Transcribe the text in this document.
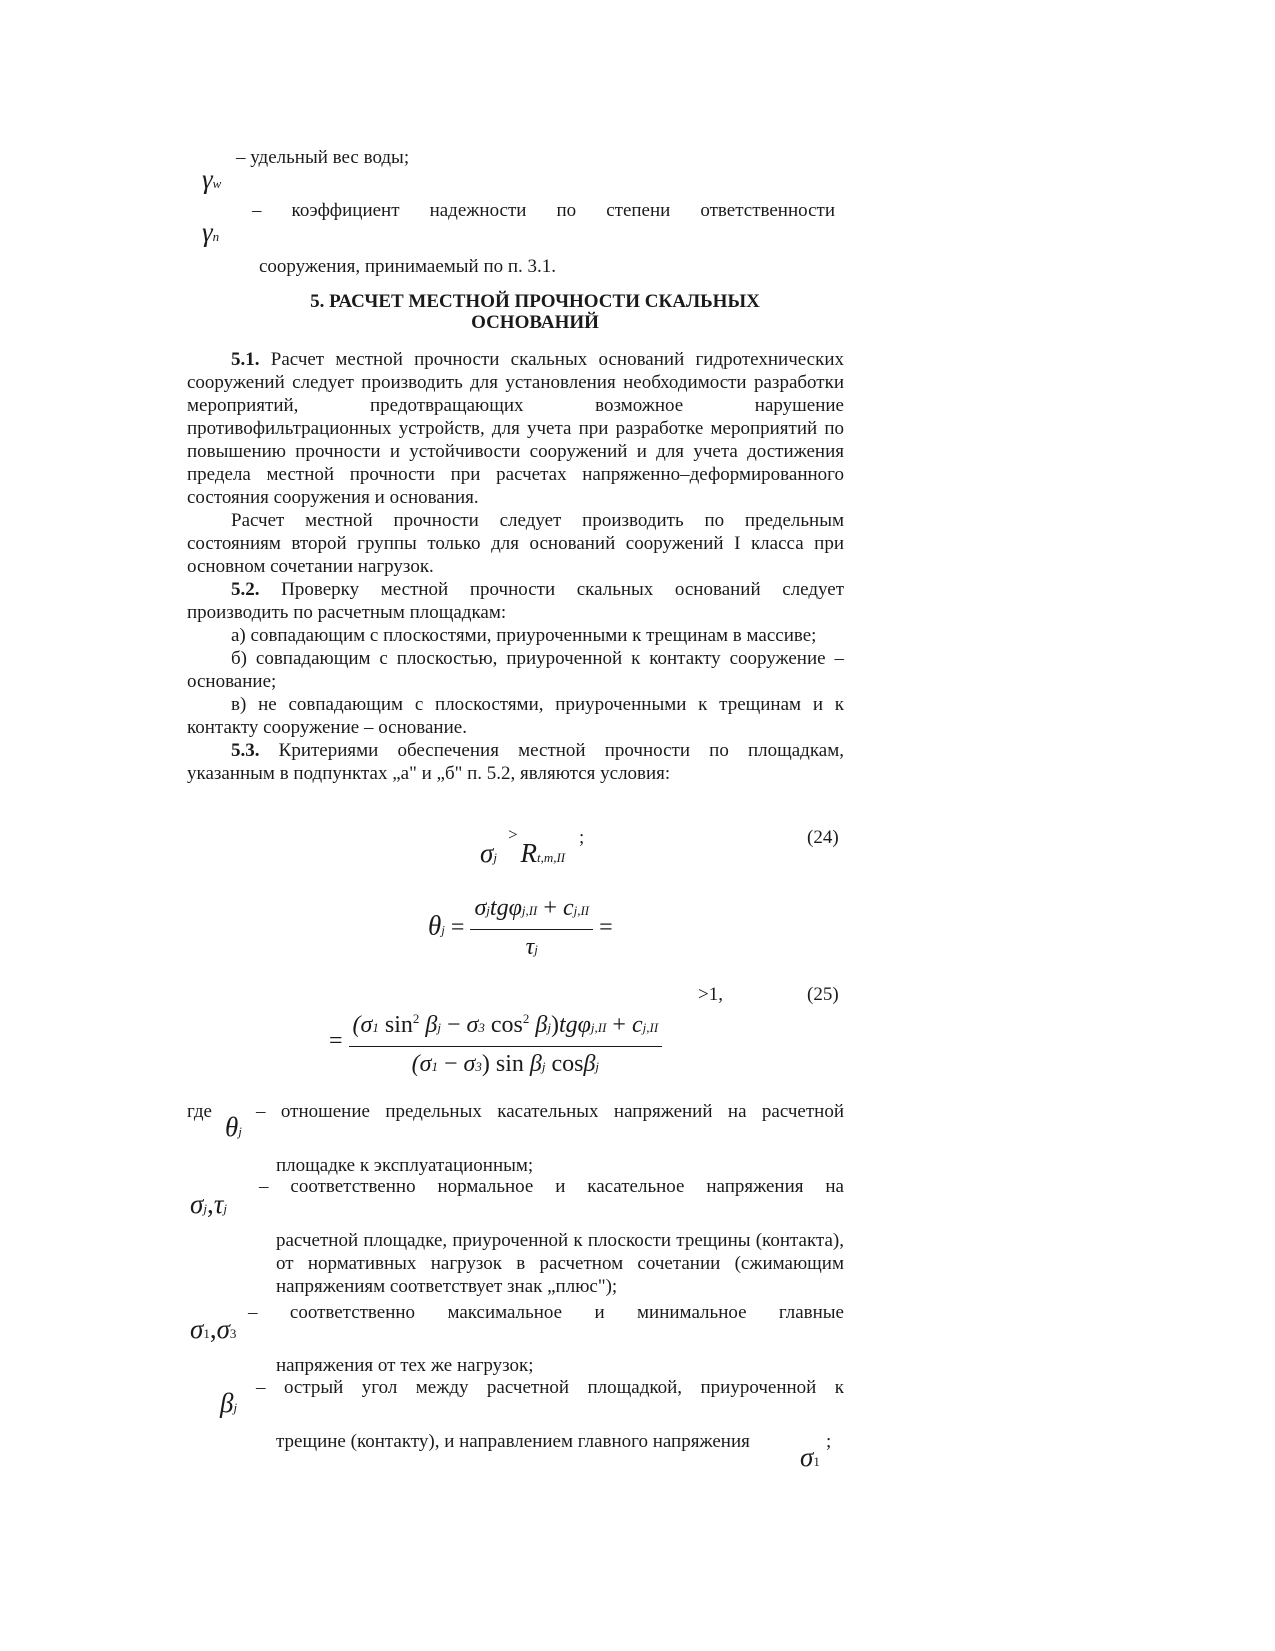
– удельный вес воды;
γw
– коэффициент надежности по степени ответственности
γn
сооружения, принимаемый по п. 3.1.
5. РАСЧЕТ МЕСТНОЙ ПРОЧНОСТИ СКАЛЬНЫХ
ОСНОВАНИЙ
5.1. Расчет местной прочности скальных оснований гидротехнических сооружений следует производить для установления необходимости разработки мероприятий, предотвращающих возможное нарушение противофильтрационных устройств, для учета при разработке мероприятий по повышению прочности и устойчивости сооружений и для учета достижения предела местной прочности при расчетах напряженно–деформированного состояния сооружения и основания.
Расчет местной прочности следует производить по предельным состояниям второй группы только для оснований сооружений I класса при основном сочетании нагрузок.
5.2. Проверку местной прочности скальных оснований следует производить по расчетным площадкам:
а) совпадающим с плоскостями, приуроченными к трещинам в массиве;
б) совпадающим с плоскостью, приуроченной к контакту сооружение – основание;
в) не совпадающим с плоскостями, приуроченными к трещинам и к контакту сооружение – основание.
5.3. Критериями обеспечения местной прочности по площадкам, указанным в подпунктах „а" и „б" п. 5.2, являются условия:
>	;	(24)
σj Rt,m,II
$\theta j = \frac{\text{σjtgφj,II + cj,II}}{\tau j}$ =
>1,	(25)
=
(σ1 $\sin^2 \beta j - \sigma 3$ $\cos^2 \beta j)tg\varphi j,II + cj,II$
(σ1 − σ3) sin βj cosβj
где – отношение предельных касательных напряжений на расчетной
θj
площадке к эксплуатационным;
– соответственно нормальное и касательное напряжения на
σj,τj
расчетной площадке, приуроченной к плоскости трещины (контакта), от нормативных нагрузок в расчетном сочетании (сжимающим напряжениям соответствует знак „плюс");
– соответственно максимальное и минимальное главные
σ1,σ3
напряжения от тех же нагрузок;
– острый угол между расчетной площадкой, приуроченной к
βj
трещине (контакту), и направлением главного напряжения	;
σ1
